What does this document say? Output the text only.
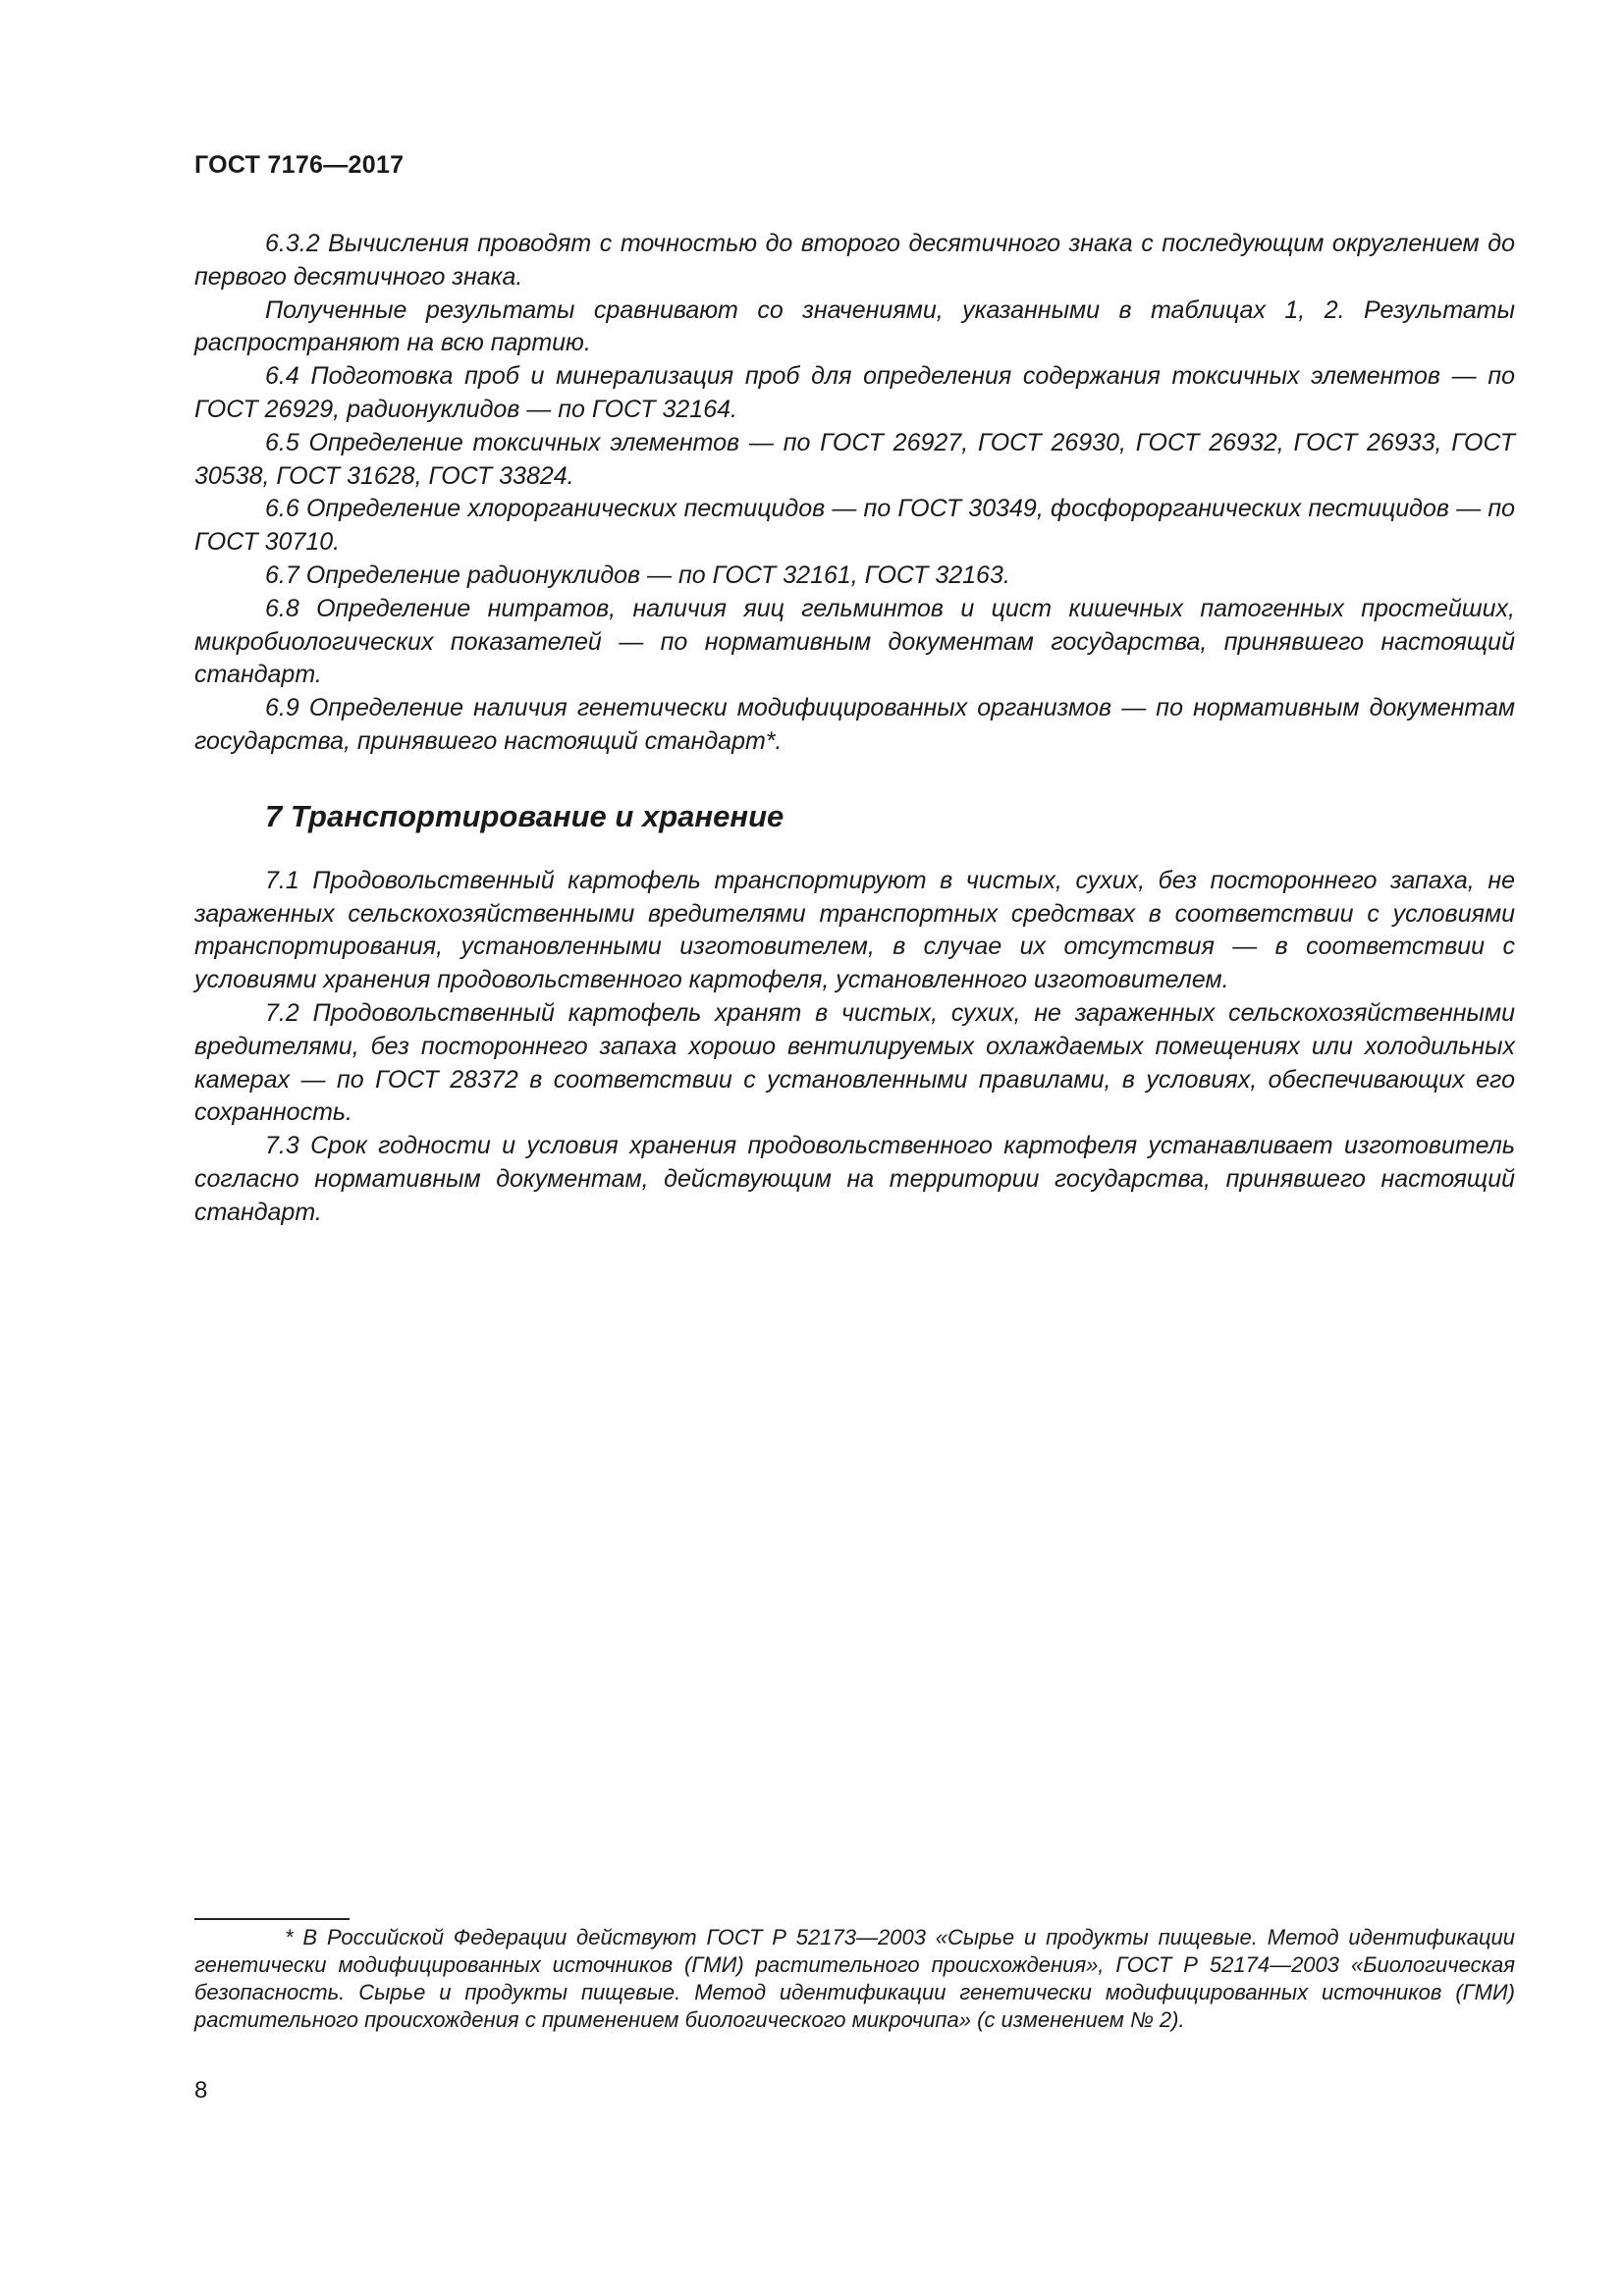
ГОСТ 7176—2017

6.3.2 Вычисления проводят с точностью до второго десятичного знака с последующим округлением до первого десятичного знака.

Полученные результаты сравнивают со значениями, указанными в таблицах 1, 2. Результаты распространяют на всю партию.

6.4 Подготовка проб и минерализация проб для определения содержания токсичных элементов — по ГОСТ 26929, радионуклидов — по ГОСТ 32164.

6.5 Определение токсичных элементов — по ГОСТ 26927, ГОСТ 26930, ГОСТ 26932, ГОСТ 26933, ГОСТ 30538, ГОСТ 31628, ГОСТ 33824.

6.6 Определение хлорорганических пестицидов — по ГОСТ 30349, фосфорорганических пестицидов — по ГОСТ 30710.

6.7 Определение радионуклидов — по ГОСТ 32161, ГОСТ 32163.

6.8 Определение нитратов, наличия яиц гельминтов и цист кишечных патогенных простейших, микробиологических показателей — по нормативным документам государства, принявшего настоящий стандарт.

6.9 Определение наличия генетически модифицированных организмов — по нормативным документам государства, принявшего настоящий стандарт*.

7 Транспортирование и хранение

7.1 Продовольственный картофель транспортируют в чистых, сухих, без постороннего запаха, не зараженных сельскохозяйственными вредителями транспортных средствах в соответствии с условиями транспортирования, установленными изготовителем, в случае их отсутствия — в соответствии с условиями хранения продовольственного картофеля, установленного изготовителем.

7.2 Продовольственный картофель хранят в чистых, сухих, не зараженных сельскохозяйственными вредителями, без постороннего запаха хорошо вентилируемых охлаждаемых помещениях или холодильных камерах — по ГОСТ 28372 в соответствии с установленными правилами, в условиях, обеспечивающих его сохранность.

7.3 Срок годности и условия хранения продовольственного картофеля устанавливает изготовитель согласно нормативным документам, действующим на территории государства, принявшего настоящий стандарт.

* В Российской Федерации действуют ГОСТ Р 52173—2003 «Сырье и продукты пищевые. Метод идентификации генетически модифицированных источников (ГМИ) растительного происхождения», ГОСТ Р 52174—2003 «Биологическая безопасность. Сырье и продукты пищевые. Метод идентификации генетически модифицированных источников (ГМИ) растительного происхождения с применением биологического микрочипа» (с изменением № 2).

8
